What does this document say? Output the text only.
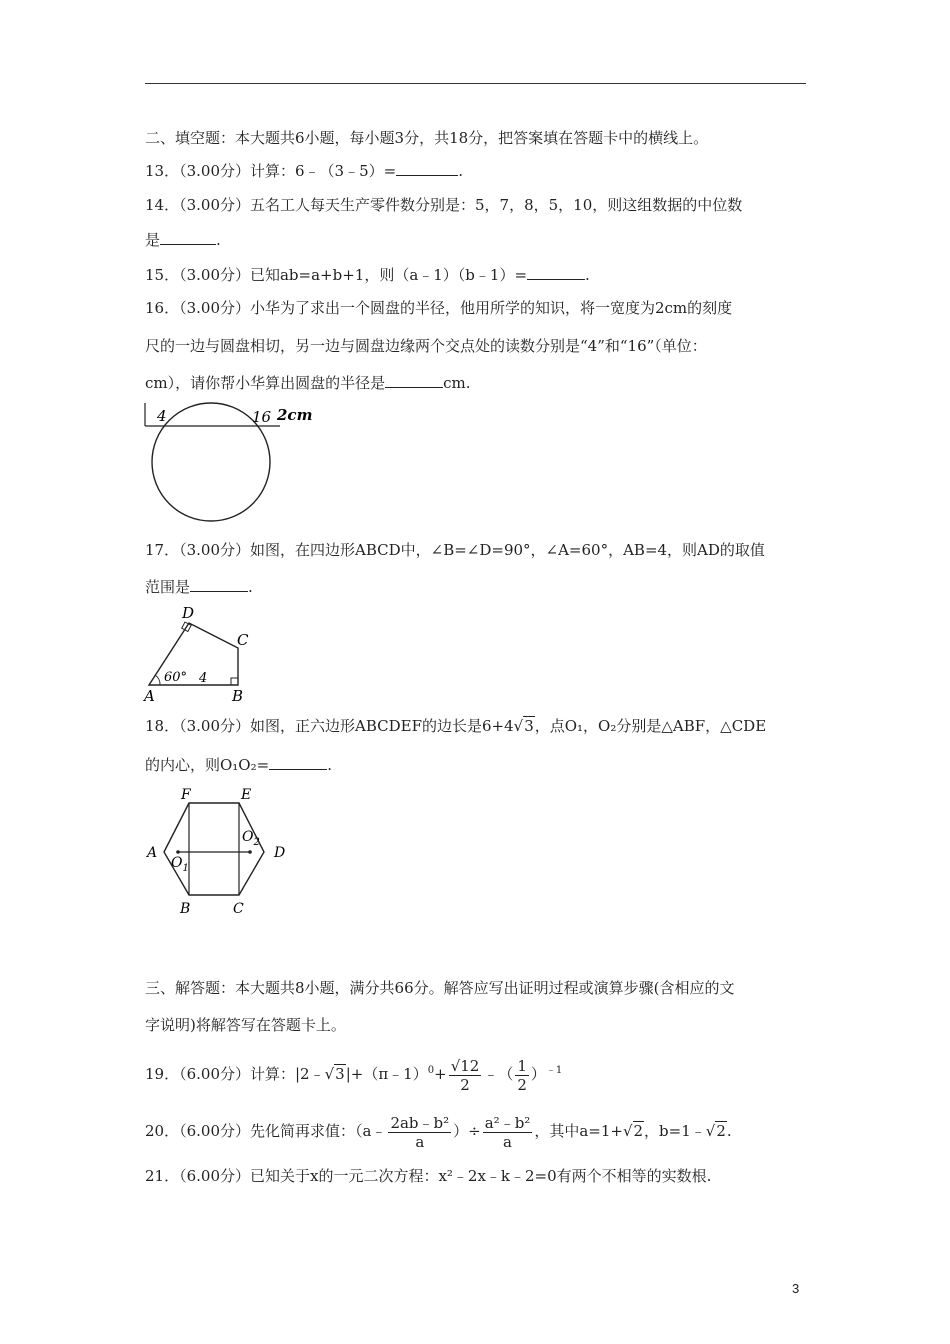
二、填空题：本大题共6小题，每小题3分，共18分，把答案填在答题卡中的横线上。
13．（3.00分）计算：6﹣（3﹣5）=	.
14．（3.00分）五名工人每天生产零件数分别是：5，7，8，5，10，则这组数据的中位数
是	.
15．（3.00分）已知ab=a+b+1，则（a﹣1）（b﹣1）=	.
16．（3.00分）小华为了求出一个圆盘的半径，他用所学的知识，将一宽度为2cm的刻度
尺的一边与圆盘相切，另一边与圆盘边缘两个交点处的读数分别是“4”和“16”（单位：
cm），请你帮小华算出圆盘的半径是	cm.
4	16 2cm
17．（3.00分）如图，在四边形ABCD中，∠B=∠D=90°，∠A=60°，AB=4，则AD的取值
范围是	.
D
C
A	B
60° 4
18．（3.00分）如图，正六边形ABCDEF的边长是6+4√3，点O₁，O₂分别是△ABF，△CDE
的内心，则O₁O₂=	.
F	E
A	D
B	C
$O_1$
$O_2$
三、解答题：本大题共8小题，满分共66分。解答应写出证明过程或演算步骤(含相应的文
字说明)将解答写在答题卡上。
19．（6.00分）计算：|2﹣√3|+（π﹣1）$^0$+ $\frac{√12}{2}$ ﹣（ $\frac{1}{2} )^{﹣1}$
20．（6.00分）先化简再求值：（a﹣ $\frac{\text{2ab﹣b²}}{a}$ ）÷ $\frac{\text{a²﹣b²}}{a}$ ，其中a=1+√2，b=1﹣√2.
21．（6.00分）已知关于x的一元二次方程：x²﹣2x﹣k﹣2=0有两个不相等的实数根.
3
